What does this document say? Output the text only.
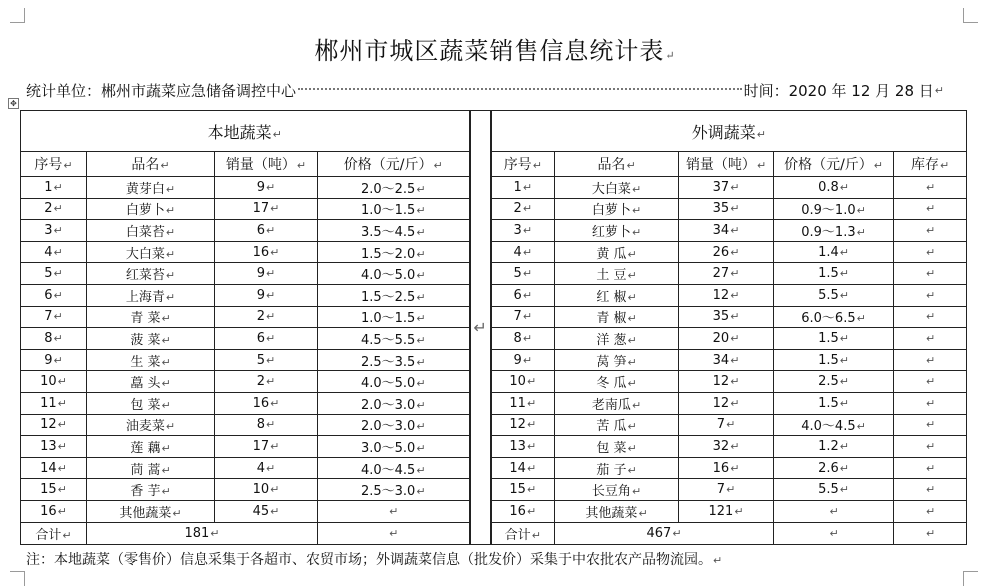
✥
郴州市城区蔬菜销售信息统计表↵
统计单位： 郴州市蔬菜应急储备调控中心	时间： 2020 年 12 月 28 日 ↵
本地蔬菜↵				↵	外调蔬菜↵				
序号↵	品名↵	销量（吨）↵	价格（元/斤）↵		序号↵	品名↵	销量（吨）↵	价格（元/斤）↵	库存↵
1↵	黄芽白↵	9↵	2.0～2.5↵		1↵	大白菜↵	37↵	0.8↵	↵
2↵	白萝卜↵	17↵	1.0～1.5↵		2↵	白萝卜↵	35↵	0.9～1.0↵	↵
3↵	白菜苔↵	6↵	3.5～4.5↵		3↵	红萝卜↵	34↵	0.9～1.3↵	↵
4↵	大白菜↵	16↵	1.5～2.0↵		4↵	黄 瓜↵	26↵	1.4↵	↵
5↵	红菜苔↵	9↵	4.0～5.0↵		5↵	土 豆↵	27↵	1.5↵	↵
6↵	上海青↵	9↵	1.5～2.5↵		6↵	红 椒↵	12↵	5.5↵	↵
7↵	青 菜↵	2↵	1.0～1.5↵		7↵	青 椒↵	35↵	6.0～6.5↵	↵
8↵	菠 菜↵	6↵	4.5～5.5↵		8↵	洋 葱↵	20↵	1.5↵	↵
9↵	生 菜↵	5↵	2.5～3.5↵		9↵	莴 笋↵	34↵	1.5↵	↵
10↵	藠 头↵	2↵	4.0～5.0↵		10↵	冬 瓜↵	12↵	2.5↵	↵
11↵	包 菜↵	16↵	2.0～3.0↵		11↵	老南瓜↵	12↵	1.5↵	↵
12↵	油麦菜↵	8↵	2.0～3.0↵		12↵	苦 瓜↵	7↵	4.0～4.5↵	↵
13↵	莲 藕↵	17↵	3.0～5.0↵		13↵	包 菜↵	32↵	1.2↵	↵
14↵	茼 蒿↵	4↵	4.0～4.5↵		14↵	茄 子↵	16↵	2.6↵	↵
15↵	香 芋↵	10↵	2.5～3.0↵		15↵	长豆角↵	7↵	5.5↵	↵
16↵	其他蔬菜↵	45↵	↵		16↵	其他蔬菜↵	121↵	↵	↵
合计↵	181↵		↵		合计↵	467↵		↵	↵
注：本地蔬菜（零售价）信息采集于各超市、农贸市场；外调蔬菜信息（批发价）采集于中农批农产品物流园。↵
